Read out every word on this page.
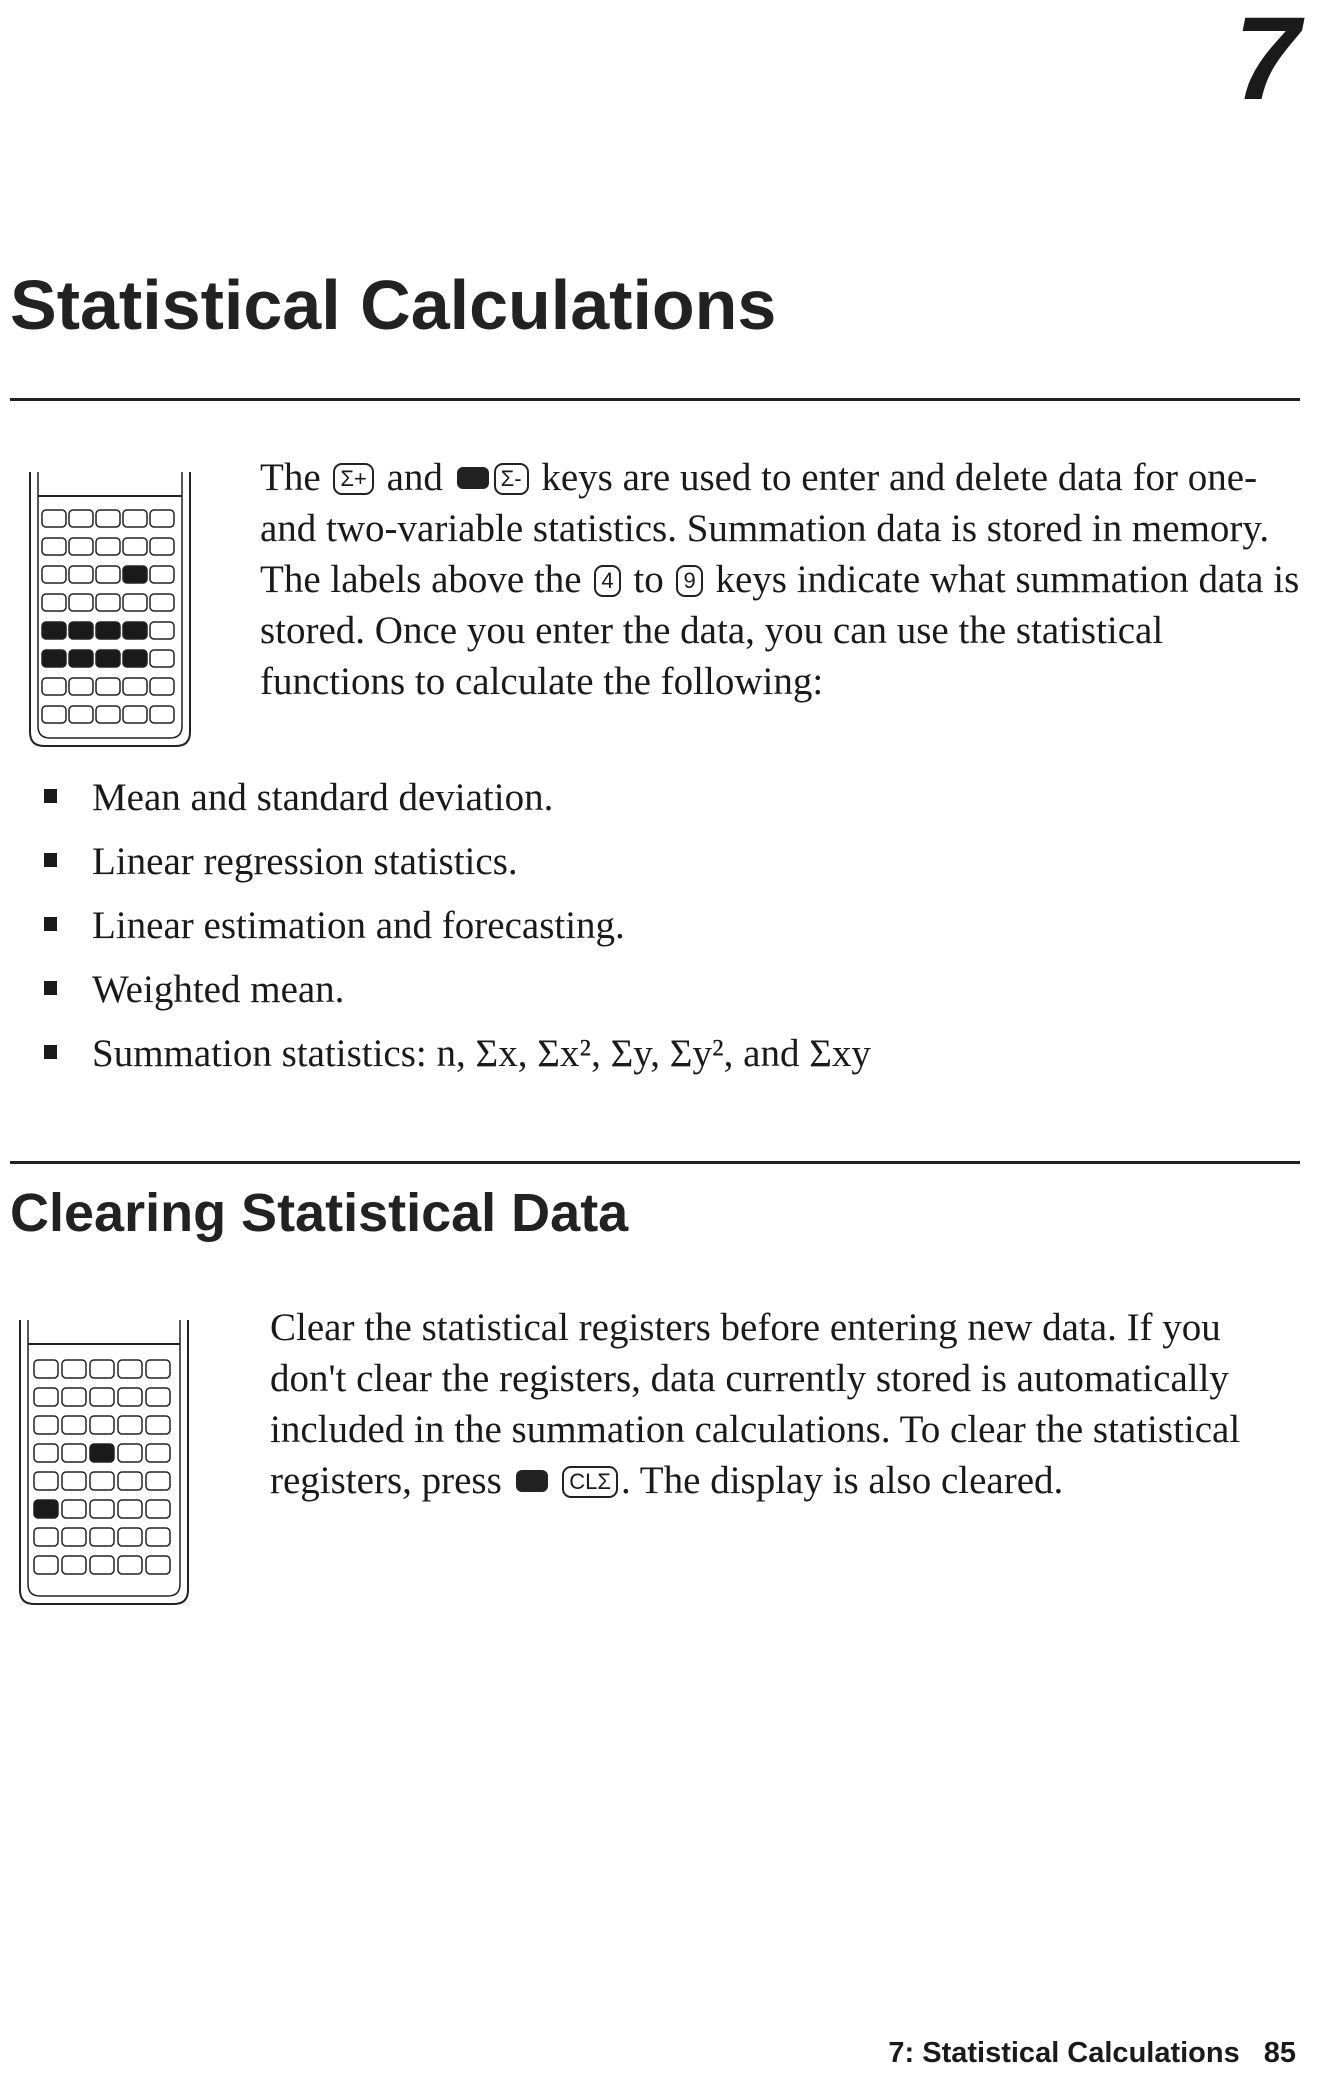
7
Statistical Calculations
The Σ+ and	Σ- keys are used to enter and delete data for one- and two-variable statistics. Summation data is stored in memory. The labels above the 4 to 9 keys indicate what summation data is stored. Once you enter the data, you can use the statistical functions to calculate the following:
Mean and standard deviation.
Linear regression statistics.
Linear estimation and forecasting.
Weighted mean.
Summation statistics: n, Σx, Σx², Σy, Σy², and Σxy
Clearing Statistical Data
Clear the statistical registers before entering new data. If you don't clear the registers, data currently stored is automatically included in the summation calculations. To clear the statistical registers, press	CLΣ . The display is also cleared.
7: Statistical Calculations 85
